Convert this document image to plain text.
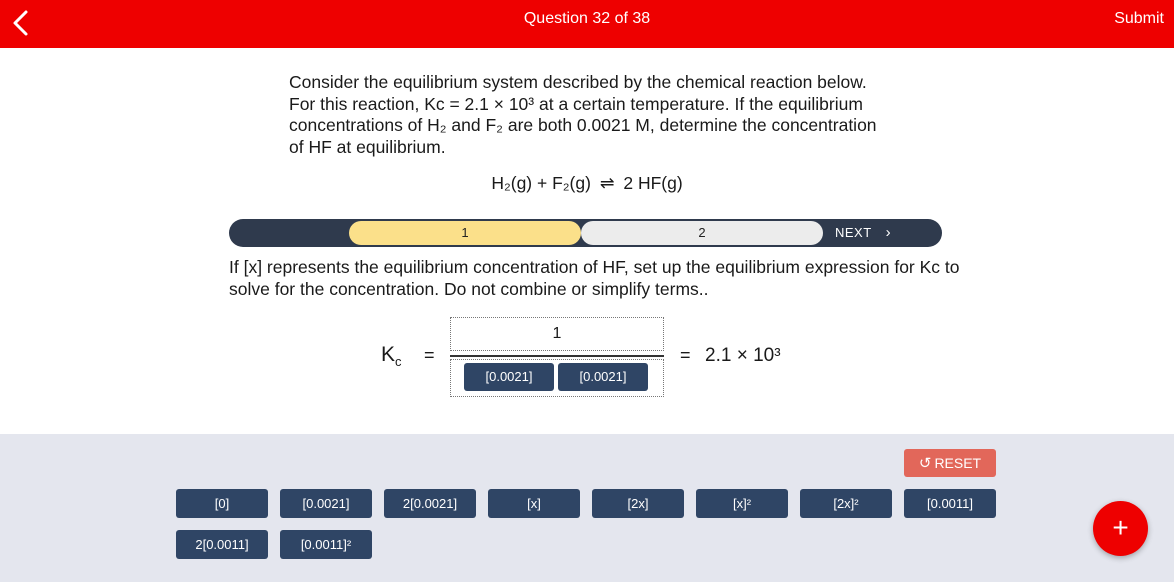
Question 32 of 38	Submit
Consider the equilibrium system described by the chemical reaction below. For this reaction, Kc = 2.1 × 10³ at a certain temperature. If the equilibrium concentrations of H₂ and F₂ are both 0.0021 M, determine the concentration of HF at equilibrium.
H₂(g) + F₂(g) ⇌ 2 HF(g)
1	2	NEXT ›
If [x] represents the equilibrium concentration of HF, set up the equilibrium expression for Kc to solve for the concentration. Do not combine or simplify terms..
$K_c$ =
1
[0.0021]	[0.0021]
= 2.1 × 10³
↺ RESET
[0]	[0.0021]	2[0.0021]	[x]	[2x]	[x]²	[2x]²	[0.0011]
2[0.0011]	[0.0011]²
+
